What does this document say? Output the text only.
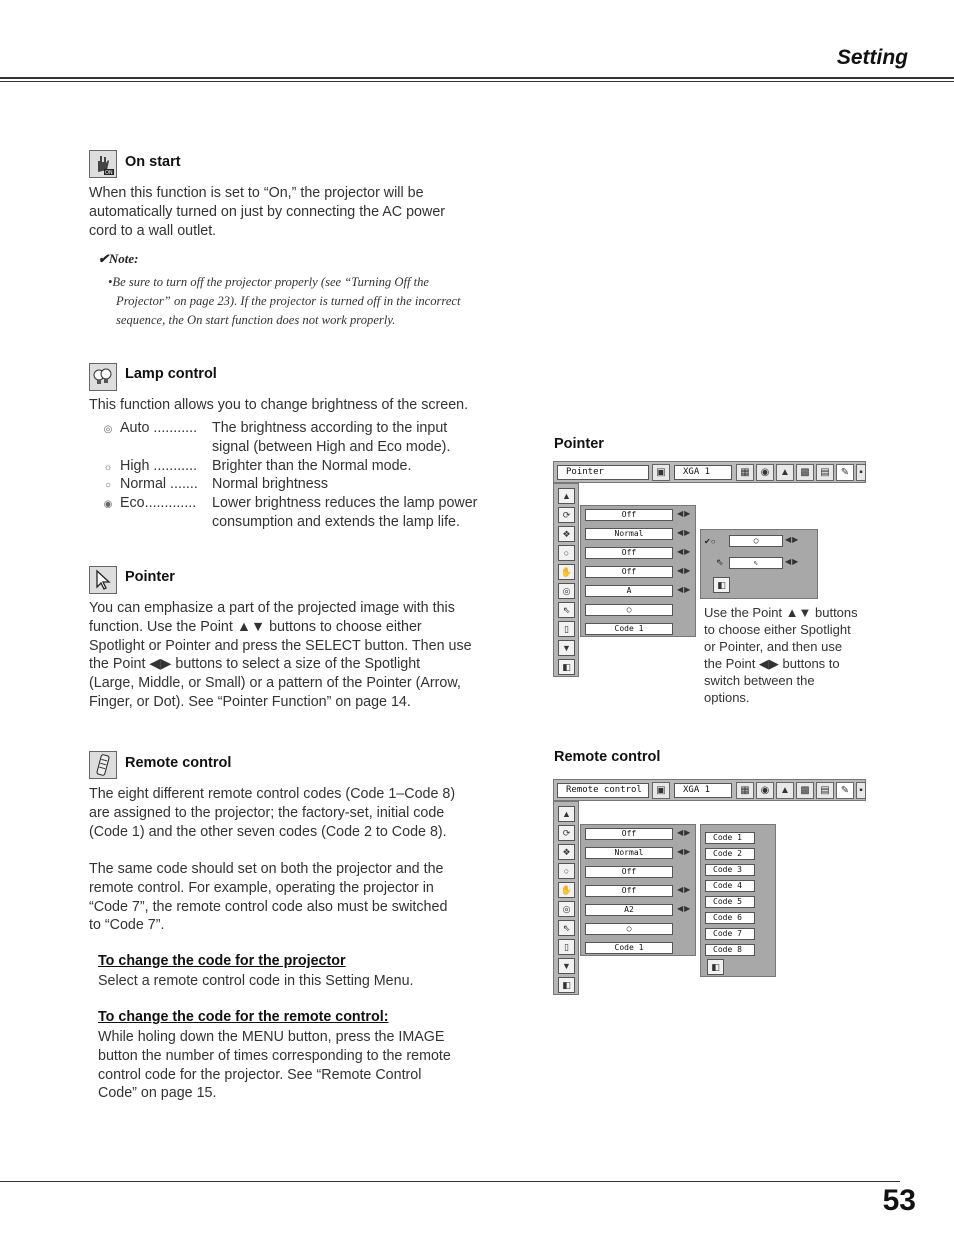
Setting
ON
On start
When this function is set to “On,” the projector will be
automatically turned on just by connecting the AC power
cord to a wall outlet.
✔Note:
•Be sure to turn off the projector properly (see “Turning Off the
Projector” on page 23). If the projector is turned off in the incorrect
sequence, the On start function does not work properly.
Lamp control
This function allows you to change brightness of the screen.
◎ Auto ...........	The brightness according to the input
signal (between High and Eco mode).
☼ High ...........	Brighter than the Normal mode.
○ Normal ....... Normal brightness
◉ Eco.............	Lower brightness reduces the lamp power
consumption and extends the lamp life.
Pointer
You can emphasize a part of the projected image with this
function. Use the Point ▲▼ buttons to choose either
Spotlight or Pointer and press the SELECT button. Then use
the Point ◀▶ buttons to select a size of the Spotlight
(Large, Middle, or Small) or a pattern of the Pointer (Arrow,
Finger, or Dot). See “Pointer Function” on page 14.
Remote control
The eight different remote control codes (Code 1–Code 8)
are assigned to the projector; the factory-set, initial code
(Code 1) and the other seven codes (Code 2 to Code 8).
The same code should set on both the projector and the
remote control. For example, operating the projector in
“Code 7”, the remote control code also must be switched
to “Code 7”.
To change the code for the projector
Select a remote control code in this Setting Menu.
To change the code for the remote control:
While holing down the MENU button, press the IMAGE
button the number of times corresponding to the remote
control code for the projector. See “Remote Control
Code” on page 15.
Pointer
Pointer	▣	XGA 1	▦	◉	▲	▩	▤	✎	▪
▲
⟳
❖
○
✋
◎
⇖
▯
▼
◧
Off	◀▶
Normal	◀▶
Off	◀▶
Off	◀▶
A	◀▶
○
Code 1
✔○	○	◀▶
⇖	⇖	◀▶
◧
Use the Point ▲▼ buttons
to choose either Spotlight
or Pointer, and then use
the Point ◀▶ buttons to
switch between the
options.
Remote control
Remote control	▣	XGA 1	▦	◉	▲	▩	▤	✎	▪
▲
⟳
❖
○
✋
◎
⇖
▯
▼
◧
Off	◀▶
Normal	◀▶
Off
Off	◀▶
A2	◀▶
○
Code 1
Code 1
Code 2
Code 3
Code 4
Code 5
Code 6
Code 7
Code 8
◧
53
